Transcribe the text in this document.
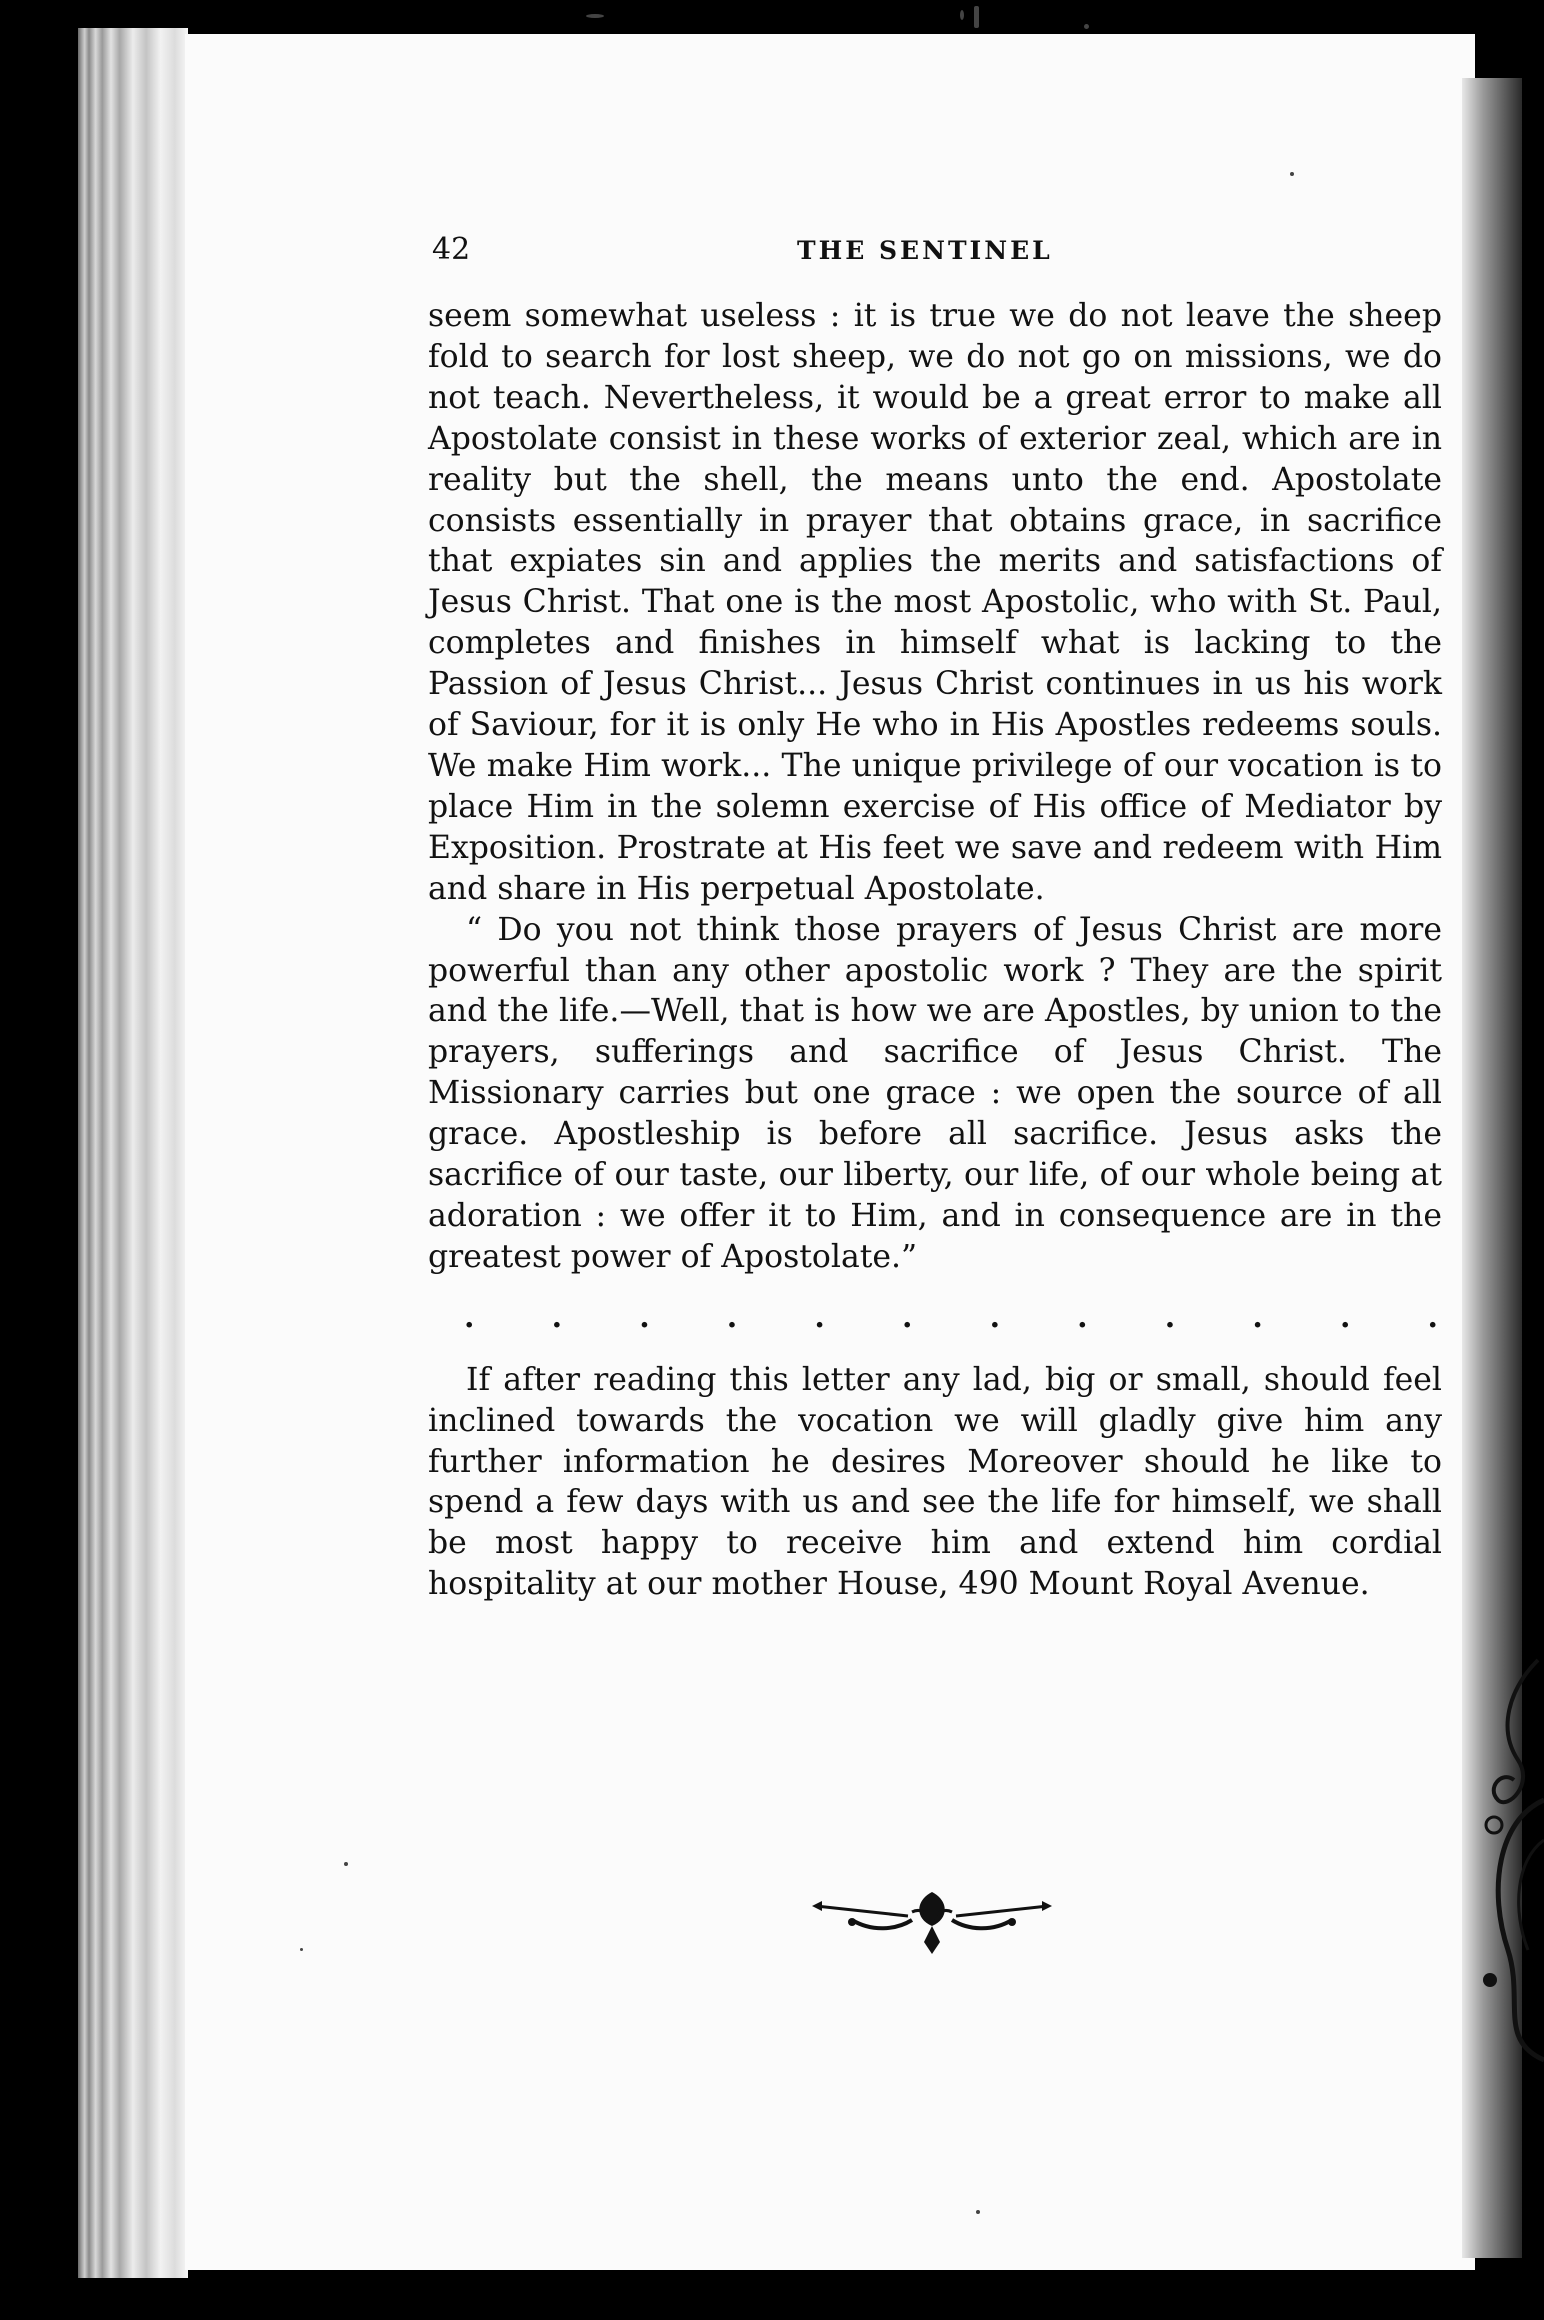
42	THE SENTINEL

seem somewhat useless : it is true we do not leave the sheep fold to search for lost sheep, we do not go on missions, we do not teach. Nevertheless, it would be a great error to make all Apostolate consist in these works of exterior zeal, which are in reality but the shell, the means unto the end. Apostolate consists essentially in prayer that obtains grace, in sacrifice that expiates sin and applies the merits and satisfactions of Jesus Christ. That one is the most Apostolic, who with St. Paul, completes and finishes in himself what is lacking to the Passion of Jesus Christ... Jesus Christ continues in us his work of Saviour, for it is only He who in His Apostles redeems souls. We make Him work... The unique privilege of our vocation is to place Him in the solemn exercise of His office of Mediator by Exposition. Prostrate at His feet we save and redeem with Him and share in His perpetual Apostolate.

“ Do you not think those prayers of Jesus Christ are more powerful than any other apostolic work ? They are the spirit and the life.—Well, that is how we are Apostles, by union to the prayers, sufferings and sacrifice of Jesus Christ. The Missionary carries but one grace : we open the source of all grace. Apostleship is before all sacrifice. Jesus asks the sacrifice of our taste, our liberty, our life, of our whole being at adoration : we offer it to Him, and in consequence are in the greatest power of Apostolate.”

.	.	.	.	.	.	.	.	.	.	.	.

If after reading this letter any lad, big or small, should feel inclined towards the vocation we will gladly give him any further information he desires Moreover should he like to spend a few days with us and see the life for himself, we shall be most happy to receive him and extend him cordial hospitality at our mother House, 490 Mount Royal Avenue.
